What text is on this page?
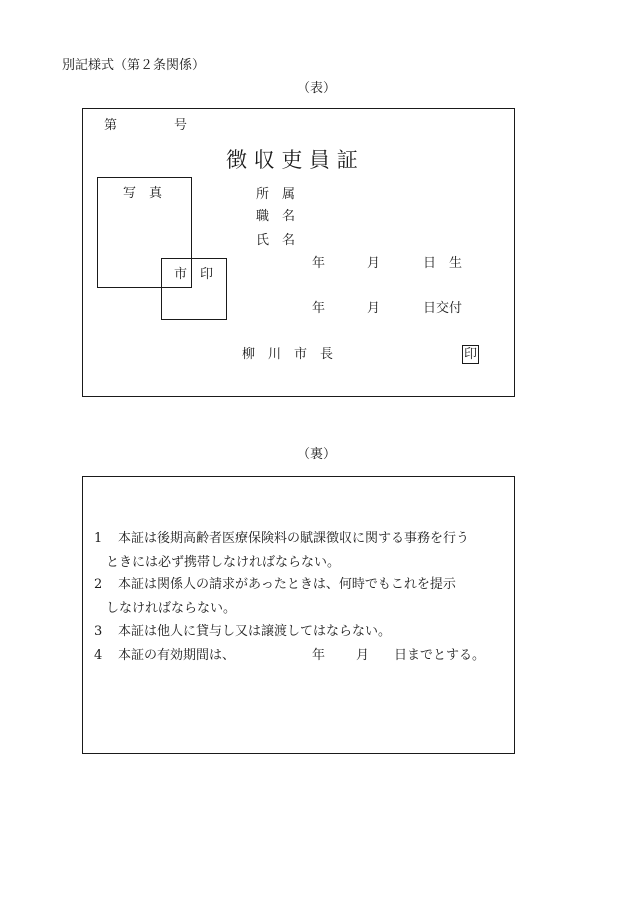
別記様式（第２条関係）
（表）
第	号
徴 収 吏 員 証
写　真
市　印
所　属
職　名
氏　名
年	月	日　生
年	月	日交付
柳　川　市　長	印
（裏）
1 本証は後期高齢者医療保険料の賦課徴収に関する事務を行う
ときには必ず携帯しなければならない。
2 本証は関係人の請求があったときは、何時でもこれを提示
しなければならない。
3 本証は他人に貸与し又は譲渡してはならない。
4 本証の有効期間は、	年 月 日までとする。
